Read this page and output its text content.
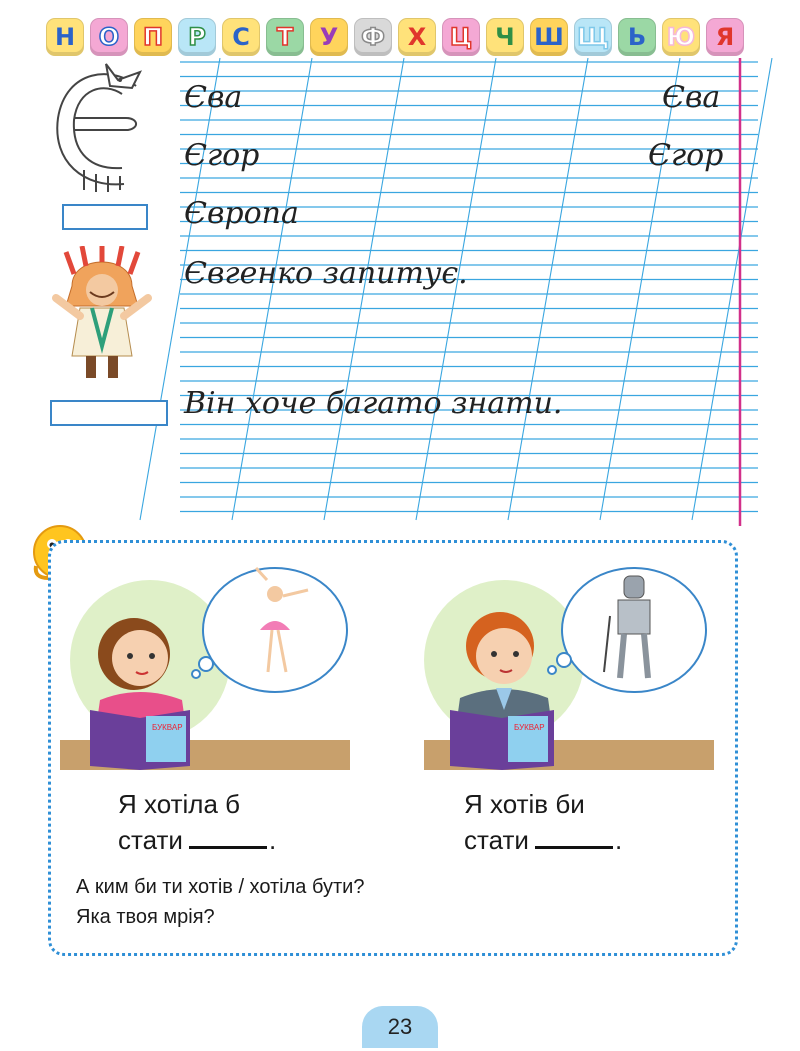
Н О П	Р	С	Т	У Ф Х Ц Ч Ш Щ Ь Ю Я
Єва	Єва
Єгор	Єгор
Європа
Євгенко запитує.
Він хоче багато знати.
БУКВАР	БУКВАР
Я хотіла б
стати	.
Я хотів би
стати	.
А ким би ти хотів / хотіла бути?
Яка твоя мрія?
23
